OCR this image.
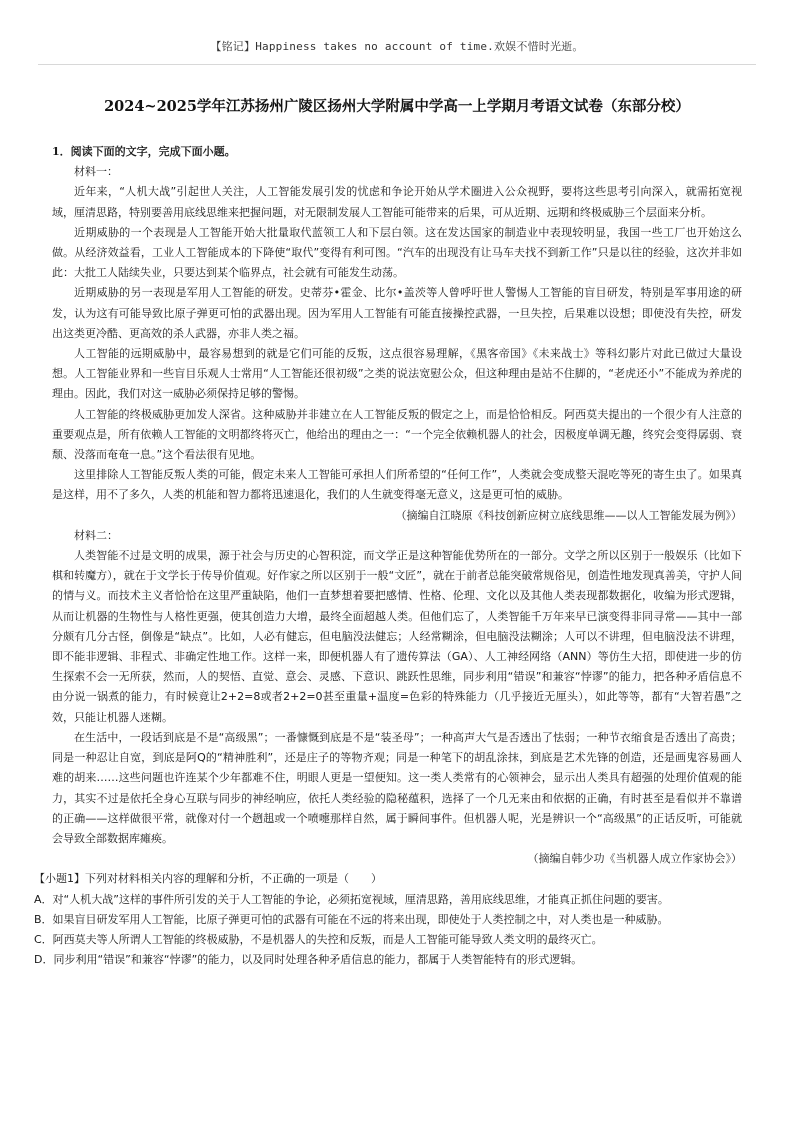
【铭记】Happiness takes no account of time.欢娱不惜时光逝。
2024~2025学年江苏扬州广陵区扬州大学附属中学高一上学期月考语文试卷（东部分校）

1．阅读下面的文字，完成下面小题。

材料一：

近年来，“人机大战”引起世人关注，人工智能发展引发的忧虑和争论开始从学术圈进入公众视野，要将这些思考引向深入，就需拓宽视域，厘清思路，特别要善用底线思维来把握问题，对无限制发展人工智能可能带来的后果，可从近期、远期和终极威胁三个层面来分析。

近期威胁的一个表现是人工智能开始大批量取代蓝领工人和下层白领。这在发达国家的制造业中表现较明显，我国一些工厂也开始这么做。从经济效益看，工业人工智能成本的下降使“取代”变得有利可图。“汽车的出现没有让马车夫找不到新工作”只是以往的经验，这次并非如此：大批工人陆续失业，只要达到某个临界点，社会就有可能发生动荡。

近期威胁的另一表现是军用人工智能的研发。史蒂芬•霍金、比尔•盖茨等人曾呼吁世人警惕人工智能的盲目研发，特别是军事用途的研发，认为这有可能导致比原子弹更可怕的武器出现。因为军用人工智能有可能直接操控武器，一旦失控，后果难以设想；即使没有失控，研发出这类更冷酷、更高效的杀人武器，亦非人类之福。

人工智能的远期威胁中，最容易想到的就是它们可能的反叛，这点很容易理解，《黑客帝国》《未来战士》等科幻影片对此已做过大量设想。人工智能业界和一些盲目乐观人士常用“人工智能还很初级”之类的说法宽慰公众，但这种理由是站不住脚的，“老虎还小”不能成为养虎的理由。因此，我们对这一威胁必须保持足够的警惕。

人工智能的终极威胁更加发人深省。这种威胁并非建立在人工智能反叛的假定之上，而是恰恰相反。阿西莫夫提出的一个很少有人注意的重要观点是，所有依赖人工智能的文明都终将灭亡，他给出的理由之一：“一个完全依赖机器人的社会，因极度单调无趣，终究会变得孱弱、衰颓、没落而奄奄一息。”这个看法很有见地。

这里排除人工智能反叛人类的可能，假定未来人工智能可承担人们所希望的“任何工作”，人类就会变成整天混吃等死的寄生虫了。如果真是这样，用不了多久，人类的机能和智力都将迅速退化，我们的人生就变得毫无意义，这是更可怕的威胁。

（摘编自江晓原《科技创新应树立底线思维——以人工智能发展为例》）

材料二：

人类智能不过是文明的成果，源于社会与历史的心智积淀，而文学正是这种智能优势所在的一部分。文学之所以区别于一般娱乐（比如下棋和转魔方），就在于文学长于传导价值观。好作家之所以区别于一般“文匠”，就在于前者总能突破常规俗见，创造性地发现真善美，守护人间的情与义。而技术主义者恰恰在这里严重缺陷，他们一直梦想着要把感情、性格、伦理、文化以及其他人类表现都数据化，收编为形式逻辑，从而让机器的生物性与人格性更强，使其创造力大增，最终全面超越人类。但他们忘了，人类智能千万年来早已演变得非同寻常——其中一部分颇有几分古怪，倒像是“缺点”。比如，人必有健忘，但电脑没法健忘；人经常糊涂，但电脑没法糊涂；人可以不讲理，但电脑没法不讲理，即不能非逻辑、非程式、非确定性地工作。这样一来，即便机器人有了遗传算法（GA）、人工神经网络（ANN）等仿生大招，即使进一步的仿生探索不会一无所获，然而，人的契悟、直觉、意会、灵感、下意识、跳跃性思维，同步利用“错误”和兼容“悖谬”的能力，把各种矛盾信息不由分说一锅煮的能力，有时候竟让2+2=8或者2+2=0甚至重量+温度=色彩的特殊能力（几乎接近无厘头），如此等等，都有“大智若愚”之效，只能让机器人迷糊。

在生活中，一段话到底是不是“高级黑”；一番慷慨到底是不是“装圣母”；一种高声大气是否透出了怯弱；一种节衣缩食是否透出了高贵；同是一种忍让自宽，到底是阿Q的“精神胜利”，还是庄子的等物齐观；同是一种笔下的胡乱涂抹，到底是艺术先锋的创造，还是画鬼容易画人难的胡来……这些问题也许连某个少年都难不住，明眼人更是一望便知。这一类人类常有的心领神会，显示出人类具有超强的处理价值观的能力，其实不过是依托全身心互联与同步的神经响应，依托人类经验的隐秘蕴积，选择了一个几无来由和依据的正确，有时甚至是看似并不靠谱的正确——这样做很平常，就像对付一个趔趄或一个喷嚏那样自然，属于瞬间事件。但机器人呢，光是辨识一个“高级黑”的正话反听，可能就会导致全部数据库瘫痪。

（摘编自韩少功《当机器人成立作家协会》）

【小题1】下列对材料相关内容的理解和分析，不正确的一项是（　　）

A．对“人机大战”这样的事件所引发的关于人工智能的争论，必须拓宽视域，厘清思路，善用底线思维，才能真正抓住问题的要害。

B．如果盲目研发军用人工智能，比原子弹更可怕的武器有可能在不远的将来出现，即使处于人类控制之中，对人类也是一种威胁。

C．阿西莫夫等人所谓人工智能的终极威胁，不是机器人的失控和反叛，而是人工智能可能导致人类文明的最终灭亡。

D．同步利用“错误”和兼容“悖谬”的能力，以及同时处理各种矛盾信息的能力，都属于人类智能特有的形式逻辑。
